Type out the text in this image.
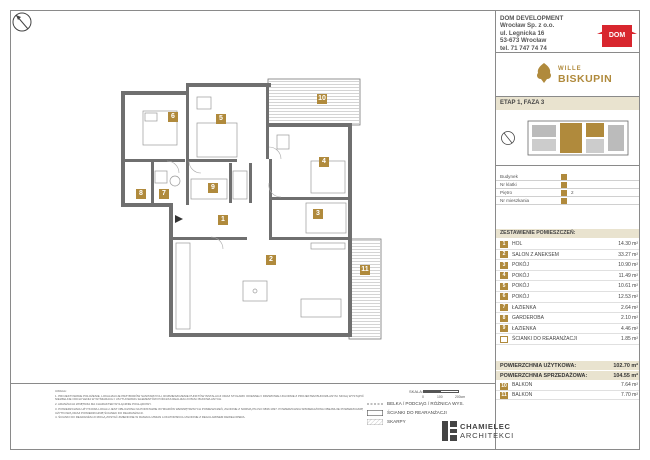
1
2
3
4
5
6
7
8
9
10
11
DOM DEVELOPMENT
Wrocław Sp. z o.o.
ul. Legnicka 16
53-673 Wrocław
tel. 71 747 74 74
DOM
WILLE
BISKUPIN
ETAP 1, FAZA 3
Budynek
Nr klatki
Piętro	2
Nr mieszkania
ZESTAWIENIE POMIESZCZEŃ:
1	HOL	14.30 m²
2	SALON Z ANEKSEM	33.27 m²
3	POKÓJ	10.90 m²
4	POKÓJ	11.49 m²
5	POKÓJ	10.61 m²
6	POKÓJ	12.53 m²
7	ŁAZIENKA	2.64 m²
8	GARDEROBA	2.10 m²
9	ŁAZIENKA	4.46 m²
ŚCIANKI DO REARANŻACJI	1.85 m²
POWIERZCHNIA UŻYTKOWA:	102.70 m²
POWIERZCHNIA SPRZEDAŻOWA:	104.55 m²
10 BALKON	7.64 m²
11 BALKON	7.70 m²

UWAGA:

1. PROJEKTOWANE POŁOŻENIE, LOKALIZACJE PRZYBORÓW SANITARNYCH, ROZMIESZCZENIE PUNKTÓW INSTALACJI ORAZ STOLARKI OKIENNEJ I DRZWIOWEJ ZGODNIE Z PROJEKTEM BUDOWLANYM. MOGĄ WYSTĄPIĆ NIEWIELKIE ODCHYLENIA W WYMIARACH I USYTUOWANIU ELEMENTÓW PODCZAS REALIZACJI PRAC BUDOWLANYCH.

2. ARANŻACJA WNĘTRZA MA CHARAKTER WYŁĄCZNIE POGLĄDOWY.

3. POWIERZCHNIA UŻYTKOWA LOKALU JEST OBLICZONA NA PODSTAWIE WYMIARÓW WEWNĘTRZNYCH POMIESZCZEŃ, ZGODNIE Z NORMĄ PN-ISO 9836:1997. POWIERZCHNIA SPRZEDAŻOWA OBEJMUJE POWIERZCHNIĘ UŻYTKOWĄ ORAZ POWIERZCHNIĘ ŚCIANEK DO REARANŻACJI.

4. ŚCIANKI DO REARANŻACJI MOGĄ ZOSTAĆ ZMIENIONE W RAMACH ZMIAN LOKATORSKICH ZGODNIE Z REGULAMINEM DEWELOPERA.

SKALA:
0	100	200cm
BELKA / PODCIĄG / RÓŻNICA WYS.
ŚCIANKI DO REARANŻACJI
SKARPY
CHAMIELEC
ARCHITEKCI
